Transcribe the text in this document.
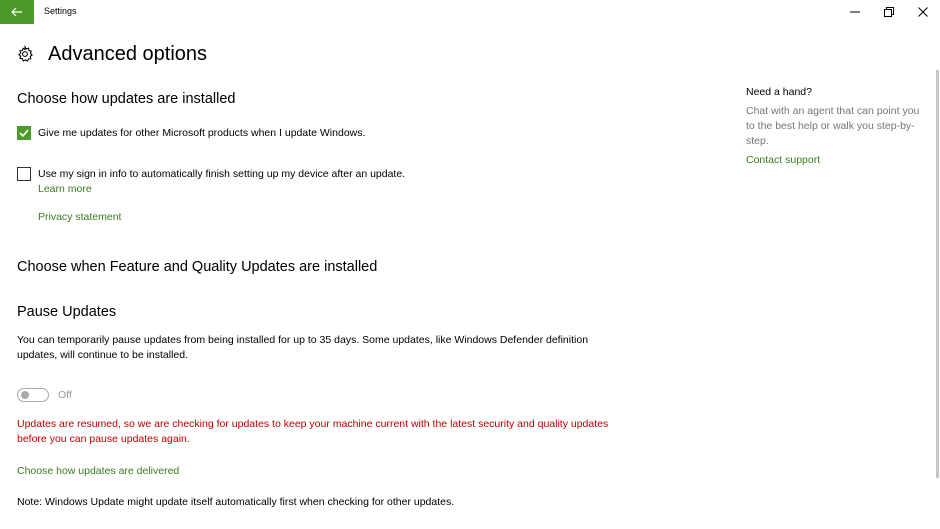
Settings
Advanced options
Choose how updates are installed
Give me updates for other Microsoft products when I update Windows.
Use my sign in info to automatically finish setting up my device after an update.
Learn more
Privacy statement
Choose when Feature and Quality Updates are installed
Pause Updates
You can temporarily pause updates from being installed for up to 35 days. Some updates, like Windows Defender definition updates, will continue to be installed.
Off
Updates are resumed, so we are checking for updates to keep your machine current with the latest security and quality updates before you can pause updates again.
Choose how updates are delivered
Note: Windows Update might update itself automatically first when checking for other updates.
Need a hand?
Chat with an agent that can point you to the best help or walk you step-by-step.
Contact support
